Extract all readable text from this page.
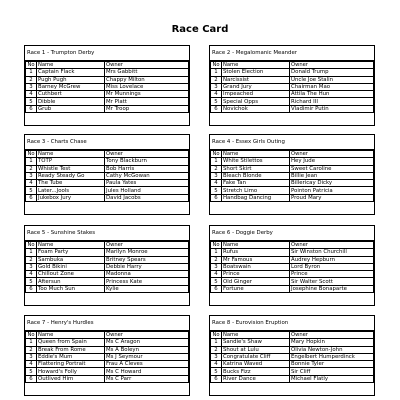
Race Card
Race 1 - Trumpton Derby
No	Name	Owner
1	Captain Flack	Mrs Gabbitt
2	Pugh Pugh	Chappy Milton
3	Barney McGrew	Miss Lovelace
4	Cuthbert	Mr Munnings
5	Dibble	Mr Platt
6	Grub	Mr Troop
Race 2 - Megalomanic Meander
No	Name	Owner
1	Stolen Election	Donald Trump
2	Narcissist	Uncle Joe Stalin
3	Grand Jury	Chairman Mao
4	Impeached	Attila The Hun
5	Special Opps	Richard III
6	Novichok	Vladimir Putin
Race 3 - Charts Chase
No	Name	Owner
1	TOTP	Tony Blackburn
2	Whistle Test	Bob Harris
3	Ready Steady Go	Cathy McGowan
4	The Tube	Paula Yates
5	Later...Jools	Jules Holland
6	Jukebox Jury	David Jacobs
Race 4 - Essex Girls Outing
No	Name	Owner
1	White Stilettos	Hey Jude
2	Short Skirt	Sweet Caroline
3	Bleach Blonde	Billie Jean
4	Fake Tan	Billericay Dicky
5	Stretch Limo	Pointon Patricia
6	Handbag Dancing	Proud Mary
Race 5 - Sunshine Stakes
No	Name	Owner
1	Foam Party	Marilyn Monroe
2	Sambuka	Britney Spears
3	Gold Bikini	Debbie Harry
4	Chillout Zone	Madonna
5	Aftersun	Princess Kate
6	Too Much Sun	Kylie
Race 6 - Doggie Derby
No	Name	Owner
1	Rufus	Sir Winston Churchill
2	Mr Famous	Audrey Hepburn
3	Boatswain	Lord Byron
4	Prince	Prince
5	Old Ginger	Sir Walter Scott
6	Fortune	Josephine Bonaparte
Race 7 - Henry's Hurdles
No	Name	Owner
1	Queen from Spain	Ms C Aragon
2	Break From Rome	Ms A Boleyn
3	Eddie's Mum	Ms J Seymour
4	Flattering Portrait	Frau A Cleves
5	Howard's Folly	Ms C Howard
6	Outlived Him	Ms C Parr
Race 8 - Eurovision Eruption
No	Name	Owner
1	Sandie's Shaw	Mary Hopkin
2	Shout at Lulu	Olivia Newton-John
3	Congratulate Cliff	Engelbert Humperdinck
4	Katrina Waved	Bonnie Tyler
5	Bucks Fizz	Sir Cliff
6	River Dance	Michael Flatly
